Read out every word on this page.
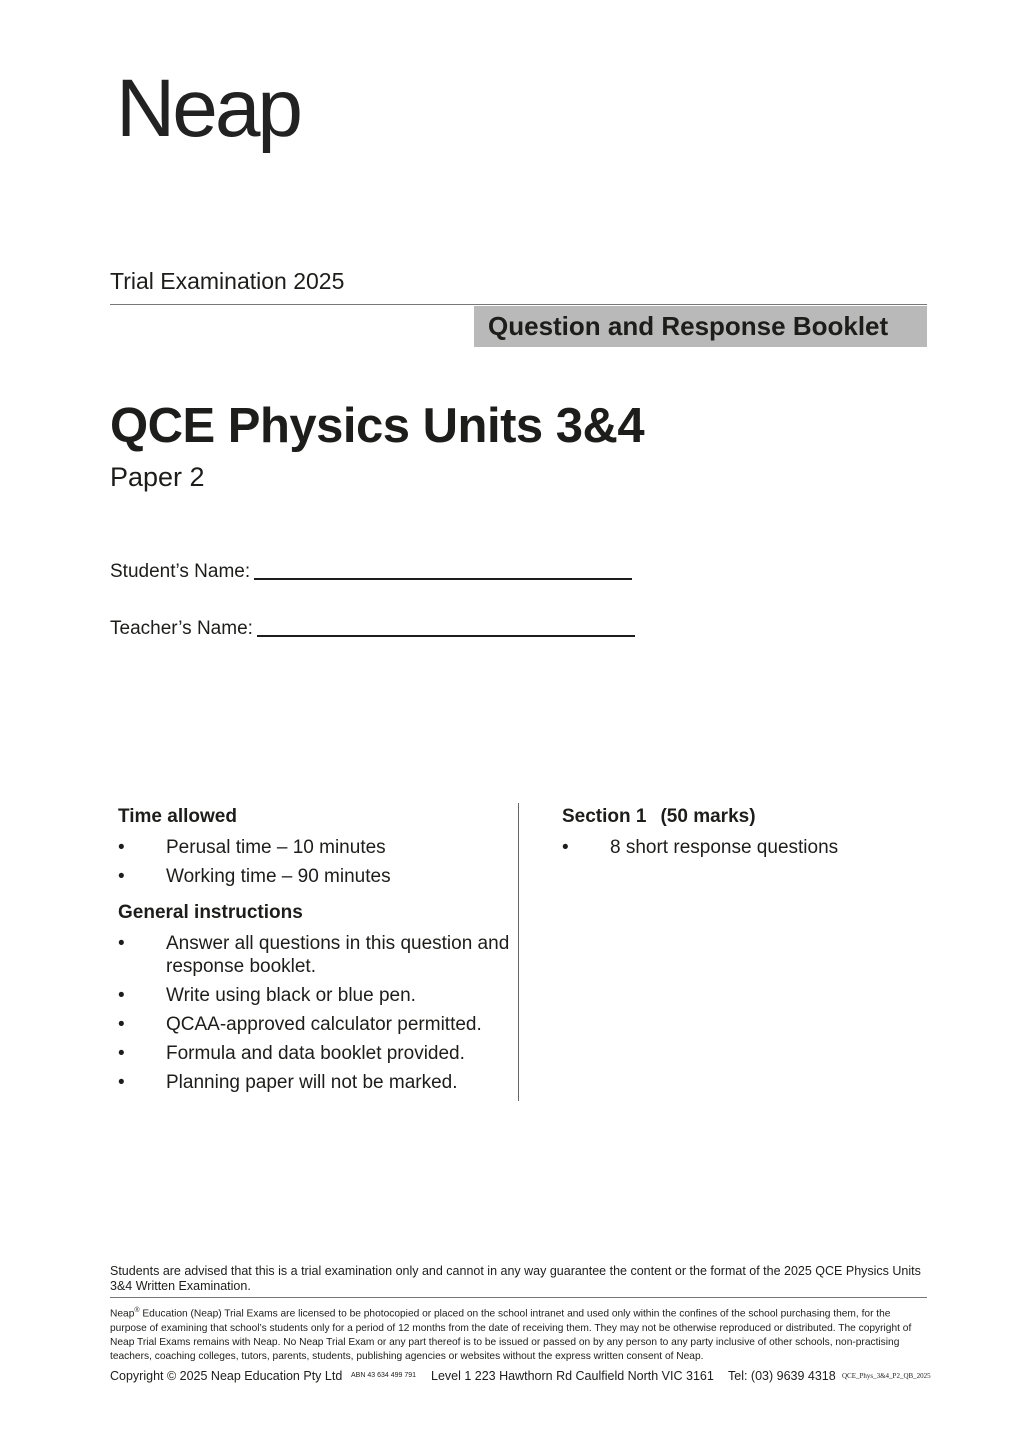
Neap
Trial Examination 2025
Question and Response Booklet
QCE Physics Units 3&4
Paper 2
Student’s Name:
Teacher’s Name:
Time allowed
• Perusal time – 10 minutes
• Working time – 90 minutes
General instructions
• Answer all questions in this question and response booklet.
• Write using black or blue pen.
• QCAA-approved calculator permitted.
• Formula and data booklet provided.
• Planning paper will not be marked.
Section 1 (50 marks)
• 8 short response questions
Students are advised that this is a trial examination only and cannot in any way guarantee the content or the format of the 2025 QCE Physics Units 3&4 Written Examination.
Neap® Education (Neap) Trial Exams are licensed to be photocopied or placed on the school intranet and used only within the confines of the school purchasing them, for the purpose of examining that school’s students only for a period of 12 months from the date of receiving them. They may not be otherwise reproduced or distributed. The copyright of Neap Trial Exams remains with Neap. No Neap Trial Exam or any part thereof is to be issued or passed on by any person to any party inclusive of other schools, non-practising teachers, coaching colleges, tutors, parents, students, publishing agencies or websites without the express written consent of Neap.
Copyright © 2025 Neap Education Pty Ltd ABN 43 634 499 791 Level 1 223 Hawthorn Rd Caulfield North VIC 3161 Tel: (03) 9639 4318 QCE_Phys_3&4_P2_QB_2025
